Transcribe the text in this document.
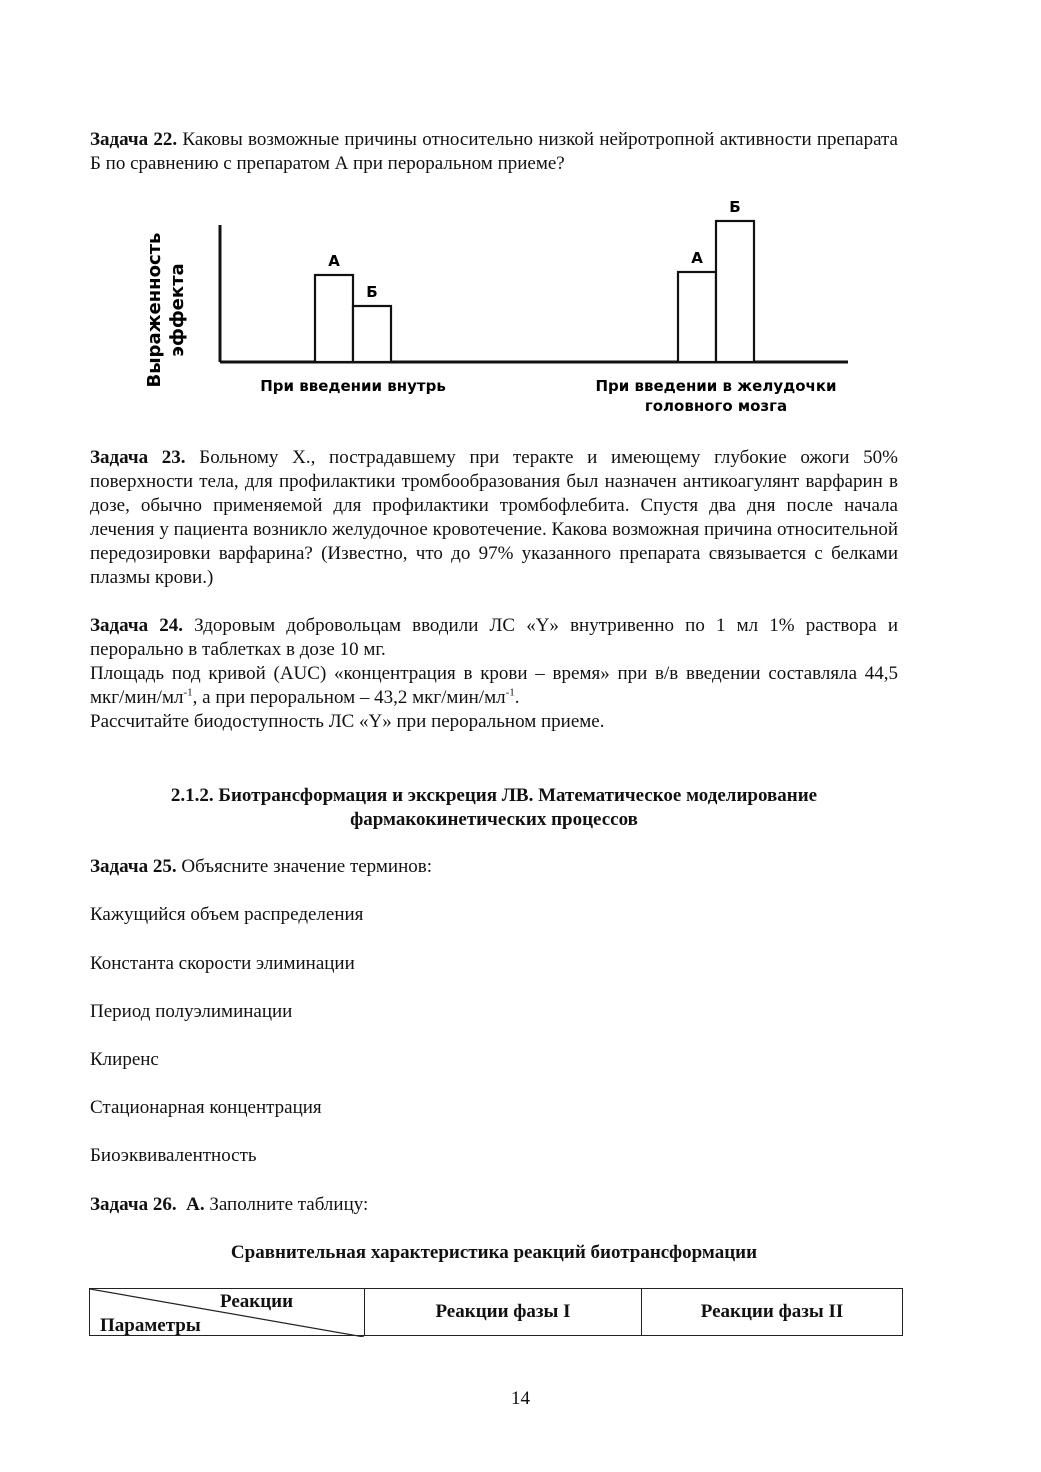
Задача 22. Каковы возможные причины относительно низкой нейротропной активности препарата Б по сравнению с препаратом А при пероральном приеме?

Выраженность эффекта
А
Б
При введении внутрь
А
Б
При введении в желудочки
головного мозга

Задача 23. Больному Х., пострадавшему при теракте и имеющему глубокие ожоги 50% поверхности тела, для профилактики тромбообразования был назначен антикоагулянт варфарин в дозе, обычно применяемой для профилактики тромбофлебита. Спустя два дня после начала лечения у пациента возникло желудочное кровотечение. Какова возможная причина относительной передозировки варфарина? (Известно, что до 97% указанного препарата связывается с белками плазмы крови.)

Задача 24. Здоровым добровольцам вводили ЛС «Y» внутривенно по 1 мл 1% раствора и перорально в таблетках в дозе 10 мг.

Площадь под кривой (AUC) «концентрация в крови – время» при в/в введении составляла 44,5 мкг/$мин/мл^{-1}$, а при пероральном – 43,2 мкг/$мин/мл^{-1}$.

Рассчитайте биодоступность ЛС «Y» при пероральном приеме.

2.1.2. Биотрансформация и экскреция ЛВ. Математическое моделирование

фармакокинетических процессов

Задача 25. Объясните значение терминов:

Кажущийся объем распределения

Константа скорости элиминации

Период полуэлиминации

Клиренс

Стационарная концентрация

Биоэквивалентность

Задача 26. А. Заполните таблицу:

Сравнительная характеристика реакций биотрансформации

Реакции
Параметры
	Реакции фазы I	Реакции фазы II
14
